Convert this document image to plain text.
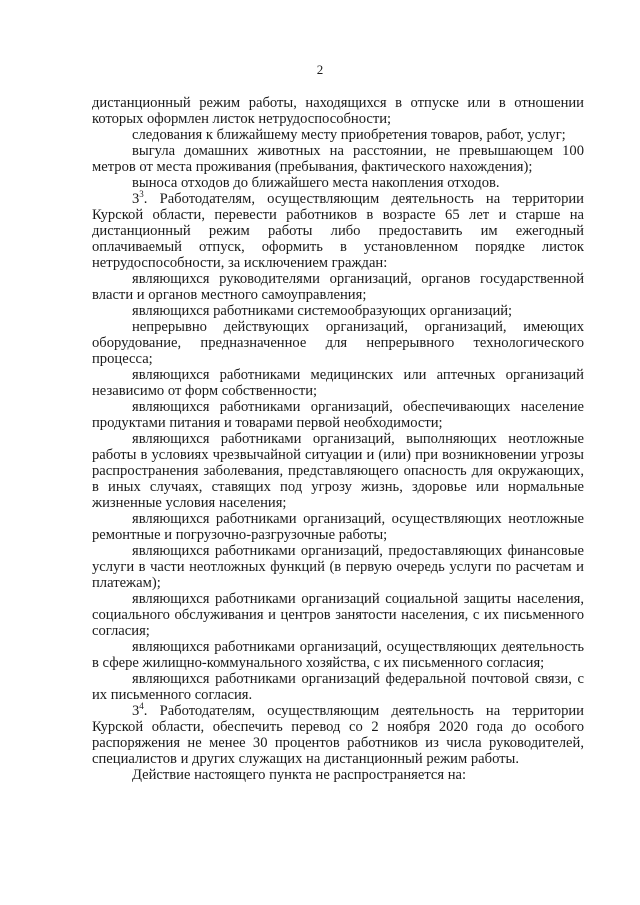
2

дистанционный режим работы, находящихся в отпуске или в отношении которых оформлен листок нетрудоспособности;

следования к ближайшему месту приобретения товаров, работ, услуг;

выгула домашних животных на расстоянии, не превышающем 100 метров от места проживания (пребывания, фактического нахождения);

выноса отходов до ближайшего места накопления отходов.

$3^3$. Работодателям, осуществляющим деятельность на территории Курской области, перевести работников в возрасте 65 лет и старше на дистанционный режим работы либо предоставить им ежегодный оплачиваемый отпуск, оформить в установленном порядке листок нетрудоспособности, за исключением граждан:

являющихся руководителями организаций, органов государственной власти и органов местного самоуправления;

являющихся работниками системообразующих организаций;

непрерывно действующих организаций, организаций, имеющих оборудование, предназначенное для непрерывного технологического процесса;

являющихся работниками медицинских или аптечных организаций независимо от форм собственности;

являющихся работниками организаций, обеспечивающих население продуктами питания и товарами первой необходимости;

являющихся работниками организаций, выполняющих неотложные работы в условиях чрезвычайной ситуации и (или) при возникновении угрозы распространения заболевания, представляющего опасность для окружающих, в иных случаях, ставящих под угрозу жизнь, здоровье или нормальные жизненные условия населения;

являющихся работниками организаций, осуществляющих неотложные ремонтные и погрузочно-разгрузочные работы;

являющихся работниками организаций, предоставляющих финансовые услуги в части неотложных функций (в первую очередь услуги по расчетам и платежам);

являющихся работниками организаций социальной защиты населения, социального обслуживания и центров занятости населения, с их письменного согласия;

являющихся работниками организаций, осуществляющих деятельность в сфере жилищно-коммунального хозяйства, с их письменного согласия;

являющихся работниками организаций федеральной почтовой связи, с их письменного согласия.

$3^4$. Работодателям, осуществляющим деятельность на территории Курской области, обеспечить перевод со 2 ноября 2020 года до особого распоряжения не менее 30 процентов работников из числа руководителей, специалистов и других служащих на дистанционный режим работы.

Действие настоящего пункта не распространяется на:
